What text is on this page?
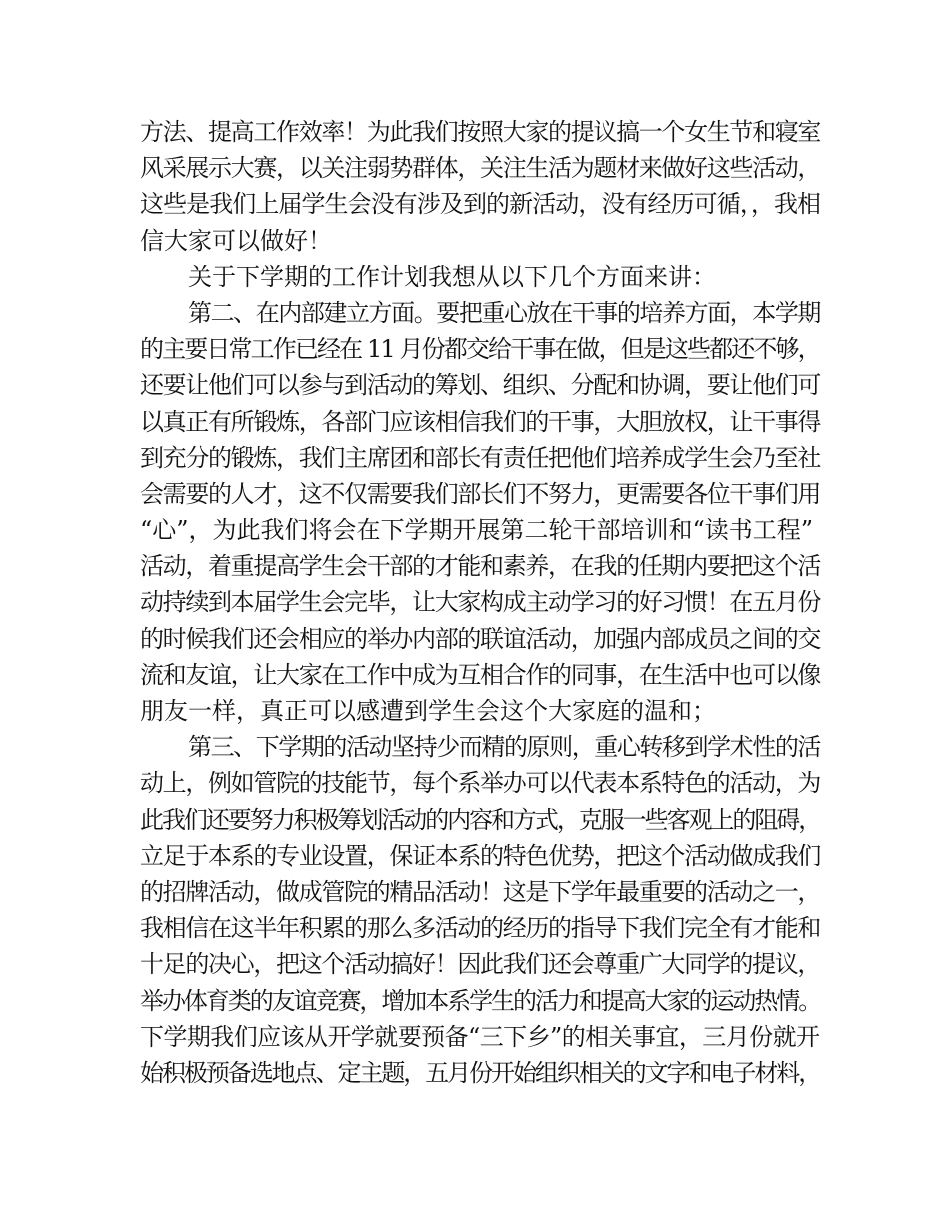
方法、提高工作效率！为此我们按照大家的提议搞一个女生节和寝室
风采展示大赛，以关注弱势群体，关注生活为题材来做好这些活动，
这些是我们上届学生会没有涉及到的新活动，没有经历可循，，我相
信大家可以做好！
关于下学期的工作计划我想从以下几个方面来讲：
第二、在内部建立方面。要把重心放在干事的培养方面，本学期
的主要日常工作已经在 11 月份都交给干事在做，但是这些都还不够，
还要让他们可以参与到活动的筹划、组织、分配和协调，要让他们可
以真正有所锻炼，各部门应该相信我们的干事，大胆放权，让干事得
到充分的锻炼，我们主席团和部长有责任把他们培养成学生会乃至社
会需要的人才，这不仅需要我们部长们不努力，更需要各位干事们用
“心”，为此我们将会在下学期开展第二轮干部培训和“读书工程”
活动，着重提高学生会干部的才能和素养，在我的任期内要把这个活
动持续到本届学生会完毕，让大家构成主动学习的好习惯！在五月份
的时候我们还会相应的举办内部的联谊活动，加强内部成员之间的交
流和友谊，让大家在工作中成为互相合作的同事，在生活中也可以像
朋友一样，真正可以感遭到学生会这个大家庭的温和；
第三、下学期的活动坚持少而精的原则，重心转移到学术性的活
动上，例如管院的技能节，每个系举办可以代表本系特色的活动，为
此我们还要努力积极筹划活动的内容和方式，克服一些客观上的阻碍，
立足于本系的专业设置，保证本系的特色优势，把这个活动做成我们
的招牌活动，做成管院的精品活动！这是下学年最重要的活动之一，
我相信在这半年积累的那么多活动的经历的指导下我们完全有才能和
十足的决心，把这个活动搞好！因此我们还会尊重广大同学的提议，
举办体育类的友谊竞赛，增加本系学生的活力和提高大家的运动热情。
下学期我们应该从开学就要预备“三下乡”的相关事宜，三月份就开
始积极预备选地点、定主题，五月份开始组织相关的文字和电子材料，
